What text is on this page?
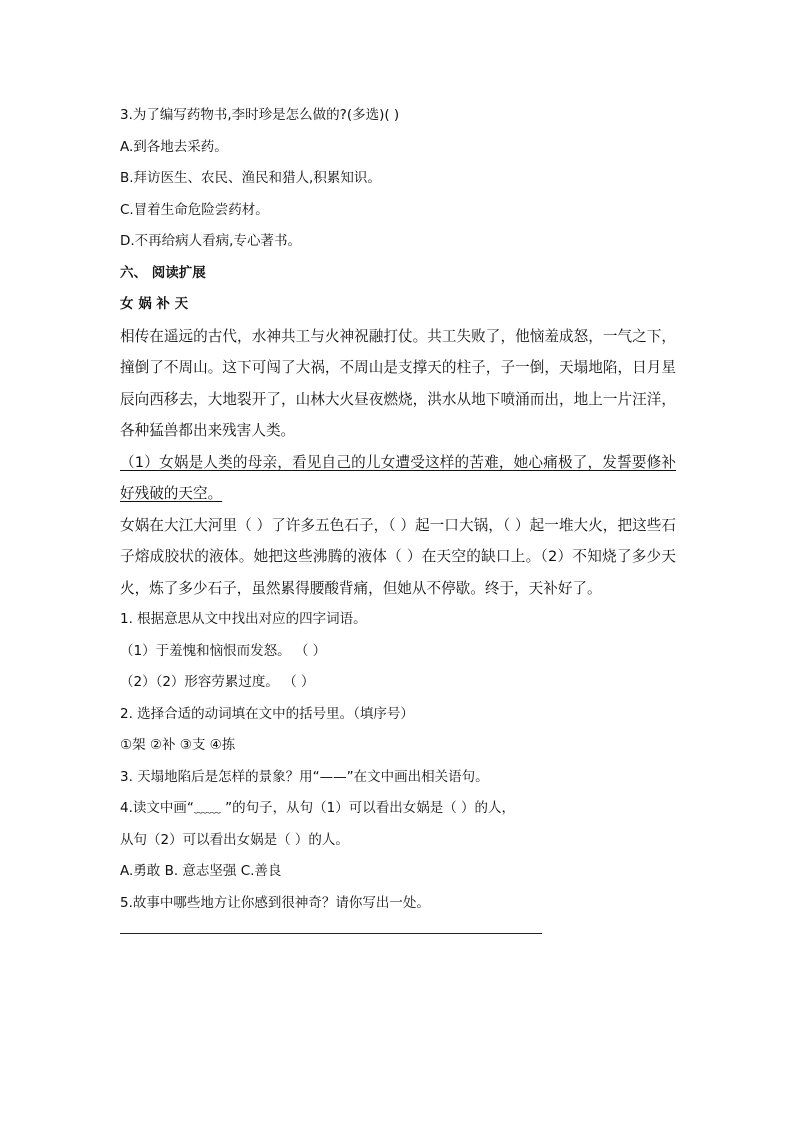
3.为了编写药物书,李时珍是怎么做的?(多选)( )
A.到各地去采药。
B.拜访医生、农民、渔民和猎人,积累知识。
C.冒着生命危险尝药材。
D.不再给病人看病,专心著书。
六、 阅读扩展
女 娲 补 天
相传在遥远的古代，水神共工与火神祝融打仗。共工失败了，他恼羞成怒，一气之下，撞倒了不周山。这下可闯了大祸，不周山是支撑天的柱子，子一倒，天塌地陷，日月星辰向西移去，大地裂开了，山林大火昼夜燃烧，洪水从地下喷涌而出，地上一片汪洋，各种猛兽都出来残害人类。
（1）女娲是人类的母亲，看见自己的儿女遭受这样的苦难，她心痛极了，发誓要修补好残破的天空。
女娲在大江大河里（ ）了许多五色石子，（ ）起一口大锅，（ ）起一堆大火，把这些石子熔成胶状的液体。她把这些沸腾的液体（ ）在天空的缺口上。（2）不知烧了多少天火，炼了多少石子，虽然累得腰酸背痛，但她从不停歇。终于，天补好了。
1. 根据意思从文中找出对应的四字词语。
（1）于羞愧和恼恨而发怒。 （ ）
（2）（2）形容劳累过度。 （ ）
2. 选择合适的动词填在文中的括号里。（填序号）
①架 ②补 ③支 ④拣
3. 天塌地陷后是怎样的景象？用“——”在文中画出相关语句。
4.读文中画“﹏﹏ ”的句子，从句（1）可以看出女娲是（ ）的人，
从句（2）可以看出女娲是（ ）的人。
A.勇敢 B. 意志坚强 C.善良
5.故事中哪些地方让你感到很神奇？请你写出一处。
